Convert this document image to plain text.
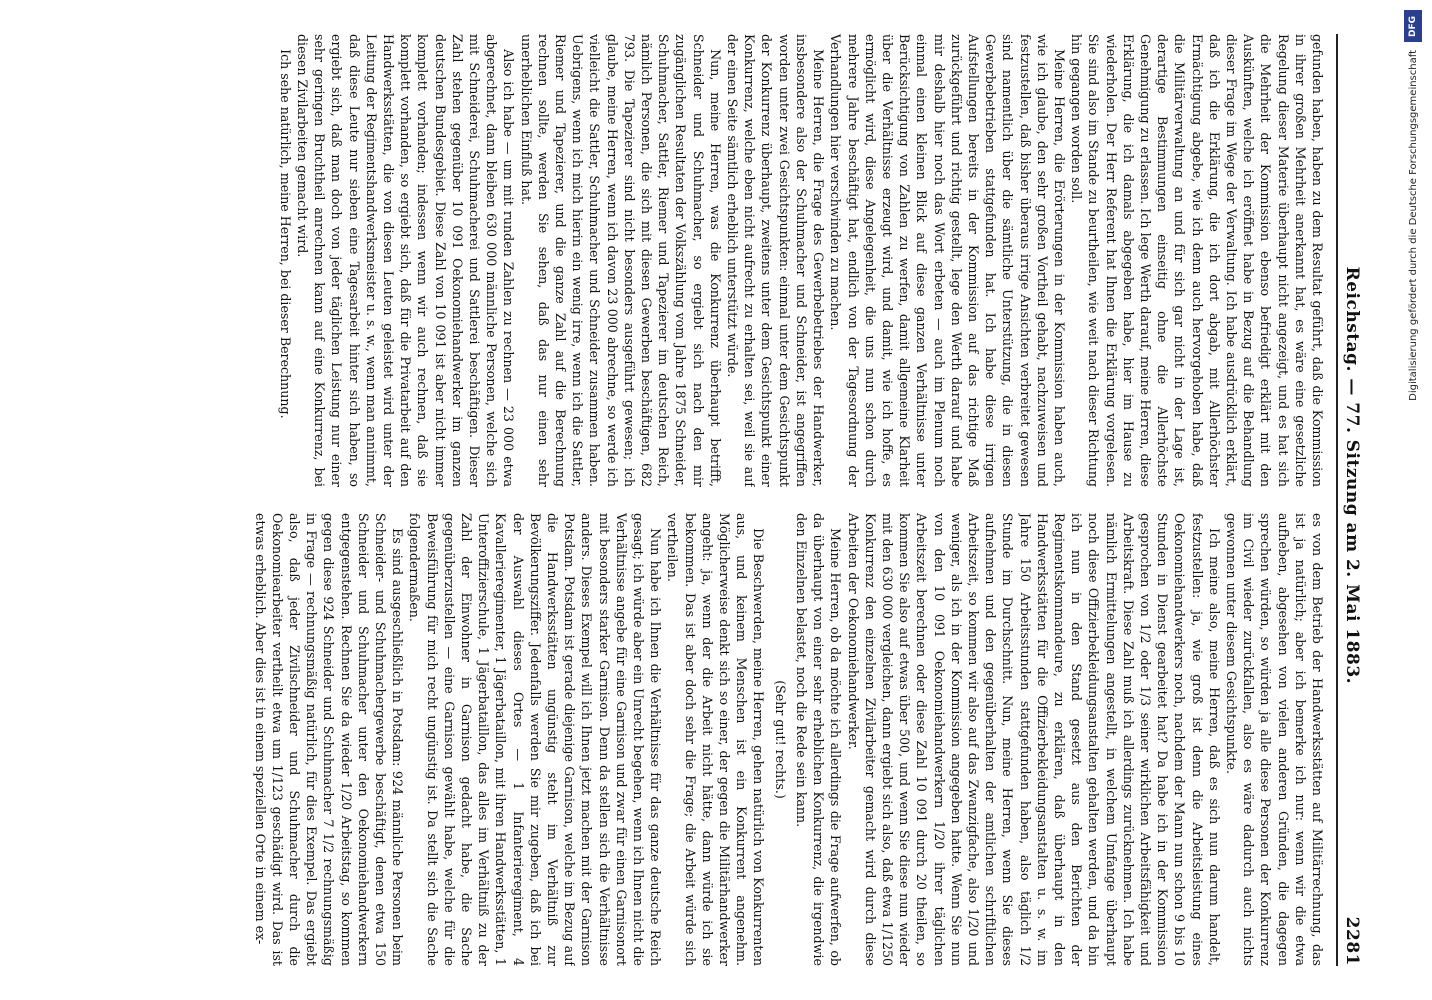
Reichstag. — 77. Sitzung am 2. Mai 1883.
2281

gefunden haben, haben zu dem Resultat geführt, daß die Kommission in ihrer großen Mehrheit anerkannt hat, es wäre eine gesetzliche Regelung dieser Materie überhaupt nicht angezeigt, und es hat sich die Mehrheit der Kommission ebenso befriedigt erklärt mit den Auskünften, welche ich eröffnet habe in Bezug auf die Behandlung dieser Frage im Wege der Verwaltung. Ich habe ausdrücklich erklärt, daß ich die Erklärung, die ich dort abgab, mit Allerhöchster Ermächtigung abgebe, wie ich denn auch hervorgehoben habe, daß die Militärverwaltung an und für sich gar nicht in der Lage ist, derartige Bestimmungen einseitig ohne die Allerhöchste Genehmigung zu erlassen. Ich lege Werth darauf, meine Herren, diese Erklärung, die ich damals abgegeben habe, hier im Hause zu wiederholen. Der Herr Referent hat Ihnen die Erklärung vorgelesen. Sie sind also im Stande zu beurtheilen, wie weit nach dieser Richtung hin gegangen worden soll.

Meine Herren, die Erörterungen in der Kommission haben auch, wie ich glaube, den sehr großen Vortheil gehabt, nachzuweisen und festzustellen, daß bisher überaus irrige Ansichten verbreitet gewesen sind namentlich über die sämtliche Unterstützung, die in diesen Gewerbebetrieben stattgefunden hat. Ich habe diese irrigen Aufstellungen bereits in der Kommission auf das richtige Maß zurückgeführt und richtig gestellt, lege den Werth darauf und habe mir deshalb hier noch das Wort erbeten — auch im Plenum noch einmal einen kleinen Blick auf diese ganzen Verhältnisse unter Berücksichtigung von Zahlen zu werfen, damit allgemeine Klarheit über die Verhältnisse erzeugt wird, und damit, wie ich hoffe, es ermöglicht wird, diese Angelegenheit, die uns nun schon durch mehrere Jahre beschäftigt hat, endlich von der Tagesordnung der Verhandlungen hier verschwinden zu machen.

Meine Herren, die Frage des Gewerbebetriebes der Handwerker, insbesondere also der Schuhmacher und Schneider, ist angegriffen worden unter zwei Gesichtspunkten: einmal unter dem Gesichtspunkt der Konkurrenz überhaupt, zweitens unter dem Gesichtspunkt einer Konkurrenz, welche eben nicht aufrecht zu erhalten sei, weil sie auf der einen Seite sämtlich erheblich unterstützt würde.

Nun, meine Herren, was die Konkurrenz überhaupt betrifft, Schneider und Schuhmacher, so ergiebt sich nach den mir zugänglichen Resultaten der Volkszählung vom Jahre 1875 Schneider, Schuhmacher, Sattler, Riemer und Tapezierer im deutschen Reich, nämlich Personen, die sich mit diesen Gewerben beschäftigen, 682 793. Die Tapezierer sind nicht besonders ausgeführt gewesen; ich glaube, meine Herren, wenn ich davon 23 000 abrechne, so werde ich vielleicht die Sattler, Schuhmacher und Schneider zusammen haben. Uebrigens, wenn ich mich hierin ein wenig irre, wenn ich die Sattler, Riemer und Tapezierer, und die ganze Zahl auf die Berechnung rechnen sollte, werden Sie sehen, daß das nur einen sehr unerheblichen Einfluß hat.

Also ich habe — um mit runden Zahlen zu rechnen — 23 000 etwa abgerechnet, dann bleiben 630 000 männliche Personen, welche sich mit Schneiderei, Schuhmacherei und Sattlerei beschäftigen. Dieser Zahl stehen gegenüber 10 091 Oekonomiehandwerker im ganzen deutschen Bundesgebiet. Diese Zahl von 10 091 ist aber nicht immer komplett vorhanden; indessen wenn wir auch rechnen, daß sie komplett vorhanden, so ergiebt sich, daß für die Privatarbeit auf den Handwerksstätten, die von diesen Leuten geleistet wird unter der Leitung der Regimentshandwerksmeister u. s. w., wenn man annimmt, daß diese Leute nur sieben eine Tagesarbeit hinter sich haben, so ergiebt sich, daß man doch von jeder täglichen Leistung nur einer sehr geringen Bruchtheil anrechnen kann auf eine Konkurrenz, bei diesen Zivilarbeiten gemacht wird.

Ich sehe natürlich, meine Herren, bei dieser Berechnung.

es von dem Betrieb der Handwerksstätten auf Militärrechnung, das ist ja natürlich; aber ich bemerke ich nur: wenn wir die etwa aufheben, abgesehen von vielen anderen Gründen, die dagegen sprechen würden, so würden ja alle diese Personen der Konkurrenz im Civil wieder zurückfallen, also es wäre dadurch auch nichts gewonnen unter diesem Gesichtspunkte.

Ich meine also, meine Herren, daß es sich nun darum handelt, festzustellen: ja, wie groß ist denn die Arbeitsleistung eines Oekonomiehandwerkers noch, nachdem der Mann nun schon 9 bis 10 Stunden in Dienst gearbeitet hat? Da habe ich in der Kommission gesprochen von 1/2 oder 1/3 seiner wirklichen Arbeitsfähigkeit und Arbeitskraft. Diese Zahl muß ich allerdings zurücknehmen. Ich habe nämlich Ermittelungen angestellt, in welchem Umfange überhaupt noch diese Offizierbekleidungsanstalten gehalten werden, und da bin ich nun in den Stand gesetzt aus den Berichten der Regimentskommandeure, zu erklären, daß überhaupt in den Handwerksstätten für die Offizierbekleidungsanstalten u. s. w. im Jahre 150 Arbeitsstunden stattgefunden haben, also täglich 1/2 Stunde im Durchschnitt. Nun, meine Herren, wenn Sie dieses aufnehmen und den gegenüberhalten der amtlichen schriftlichen Arbeitszeit, so kommen wir also auf das Zwanzigfache, also 1/20 und weniger, als ich in der Kommission angegeben hatte. Wenn Sie nun von den 10 091 Oekonomiehandwerkern 1/20 ihrer täglichen Arbeitszeit berechnen oder diese Zahl 10 091 durch 20 theilen, so kommen Sie also auf etwas über 500, und wenn Sie diese nun wieder mit den 630 000 vergleichen, dann ergiebt sich also, daß etwa 1/1250 Konkurrenz den einzelnen Zivilarbeiter gemacht wird durch diese Arbeiten der Oekonomiehandwerker.

Meine Herren, ob da möchte ich allerdings die Frage aufwerfen, ob da überhaupt von einer sehr erheblichen Konkurrenz, die irgendwie den Einzelnen belastet, noch die Rede sein kann.

(Sehr gut! rechts.)

Die Beschwerden, meine Herren, gehen natürlich von Konkurrenten aus, und keinem Menschen ist ein Konkurrent angenehm. Möglicherweise denkt sich so einer, der gegen die Militärhandwerker angeht: ja, wenn der die Arbeit nicht hätte, dann würde ich sie bekommen. Das ist aber doch sehr die Frage; die Arbeit würde sich vertheilen.

Nun habe ich Ihnen die Verhältnisse für das ganze deutsche Reich gesagt; ich würde aber ein Unrecht begehen, wenn ich Ihnen nicht die Verhältnisse angebe für eine Garnison und zwar für einen Garnisonort mit besonders starker Garnison. Denn da stellen sich die Verhältnisse anders. Dieses Exempel will ich Ihnen jetzt machen mit der Garnison Potsdam. Potsdam ist gerade diejenige Garnison, welche im Bezug auf die Handwerksstätten ungünstig steht im Verhältniß zur Bevölkerungsziffer. Jedenfalls werden Sie mir zugeben, daß ich bei der Auswahl dieses Ortes — 1 Infanterieregiment, 4 Kavallerieregimenter, 1 Jägerbataillon, mit ihren Handwerksstätten, 1 Unteroffizierschule, 1 Jägerbataillon, das alles im Verhältniß zu der Zahl der Einwohner in Garnison gedacht habe, die Sache gegenüberzustellen — eine Garnison gewählt habe, welche für die Beweisführung für mich recht ungünstig ist. Da stellt sich die Sache folgendermaßen.

Es sind ausgeschließlich in Potsdam: 924 männliche Personen beim Schneider- und Schuhmachergewerbe beschäftigt, denen etwa 150 Schneider und Schuhmacher unter den Oekonomiehandwerkern entgegenstehen. Rechnen Sie da wieder 1/20 Arbeitstag, so kommen gegen diese 924 Schneider und Schuhmacher 7 1/2 rechnungsmäßig in Frage — rechnungsmäßig natürlich, für dies Exempel. Das ergiebt also, daß jeder Zivilschneider und Schuhmacher durch die Oekonomiearbeiter vertheilt etwa um 1/123 geschädigt wird. Das ist etwas erheblich. Aber dies ist in einem speziellen Orte in einem ex-

DFG
Digitalisierung gefördert durch die Deutsche Forschungsgemeinschaft
